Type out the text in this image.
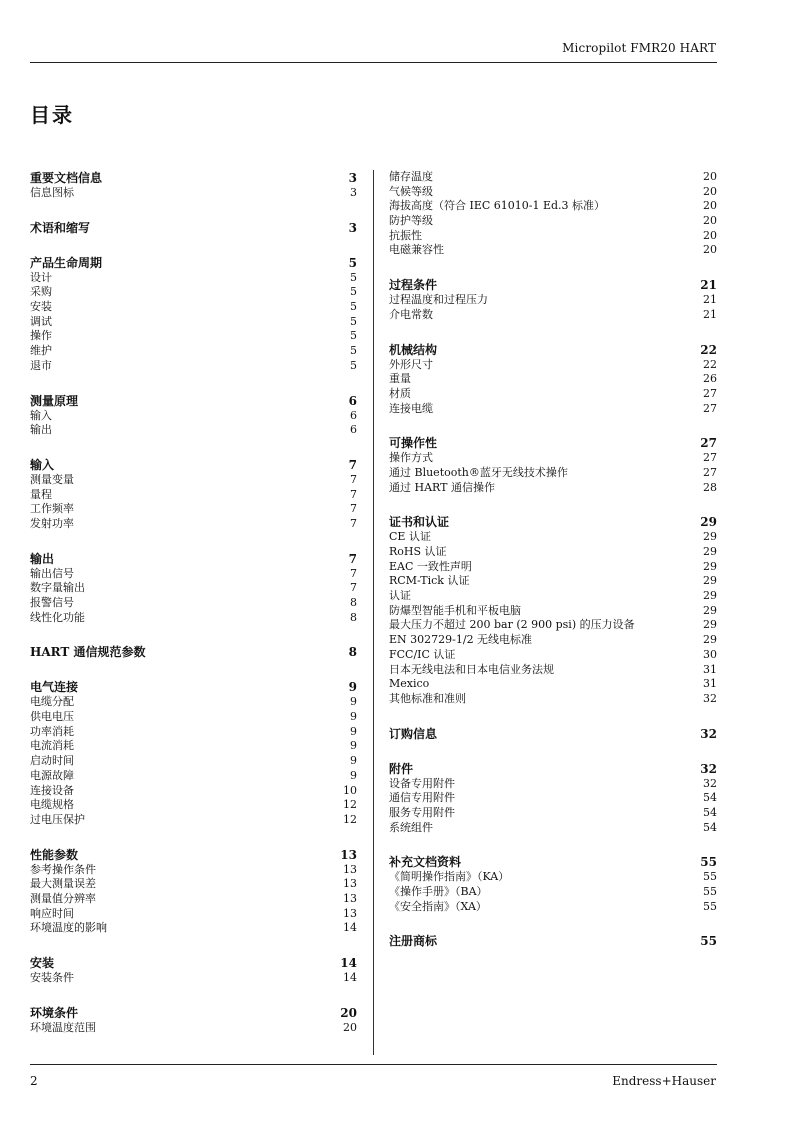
Micropilot FMR20 HART
目录
重要文档信息	3
信息图标	3
术语和缩写	3
产品生命周期	5
设计	5
采购	5
安装	5
调试	5
操作	5
维护	5
退市	5
测量原理	6
输入	6
输出	6
输入	7
测量变量	7
量程	7
工作频率	7
发射功率	7
输出	7
输出信号	7
数字量输出	7
报警信号	8
线性化功能	8
HART 通信规范参数	8
电气连接	9
电缆分配	9
供电电压	9
功率消耗	9
电流消耗	9
启动时间	9
电源故障	9
连接设备	10
电缆规格	12
过电压保护	12
性能参数	13
参考操作条件	13
最大测量误差	13
测量值分辨率	13
响应时间	13
环境温度的影响	14
安装	14
安装条件	14
环境条件	20
环境温度范围	20
储存温度	20
气候等级	20
海拔高度（符合 IEC 61010-1 Ed.3 标准）	20
防护等级	20
抗振性	20
电磁兼容性	20
过程条件	21
过程温度和过程压力	21
介电常数	21
机械结构	22
外形尺寸	22
重量	26
材质	27
连接电缆	27
可操作性	27
操作方式	27
通过 Bluetooth®蓝牙无线技术操作	27
通过 HART 通信操作	28
证书和认证	29
CE 认证	29
RoHS 认证	29
EAC 一致性声明	29
RCM-Tick 认证	29
认证	29
防爆型智能手机和平板电脑	29
最大压力不超过 200 bar (2 900 psi) 的压力设备	29
EN 302729-1/2 无线电标准	29
FCC/IC 认证	30
日本无线电法和日本电信业务法规	31
Mexico	31
其他标准和准则	32
订购信息	32
附件	32
设备专用附件	32
通信专用附件	54
服务专用附件	54
系统组件	54
补充文档资料	55
《简明操作指南》（KA）	55
《操作手册》（BA）	55
《安全指南》（XA）	55
注册商标	55
2	Endress+Hauser
